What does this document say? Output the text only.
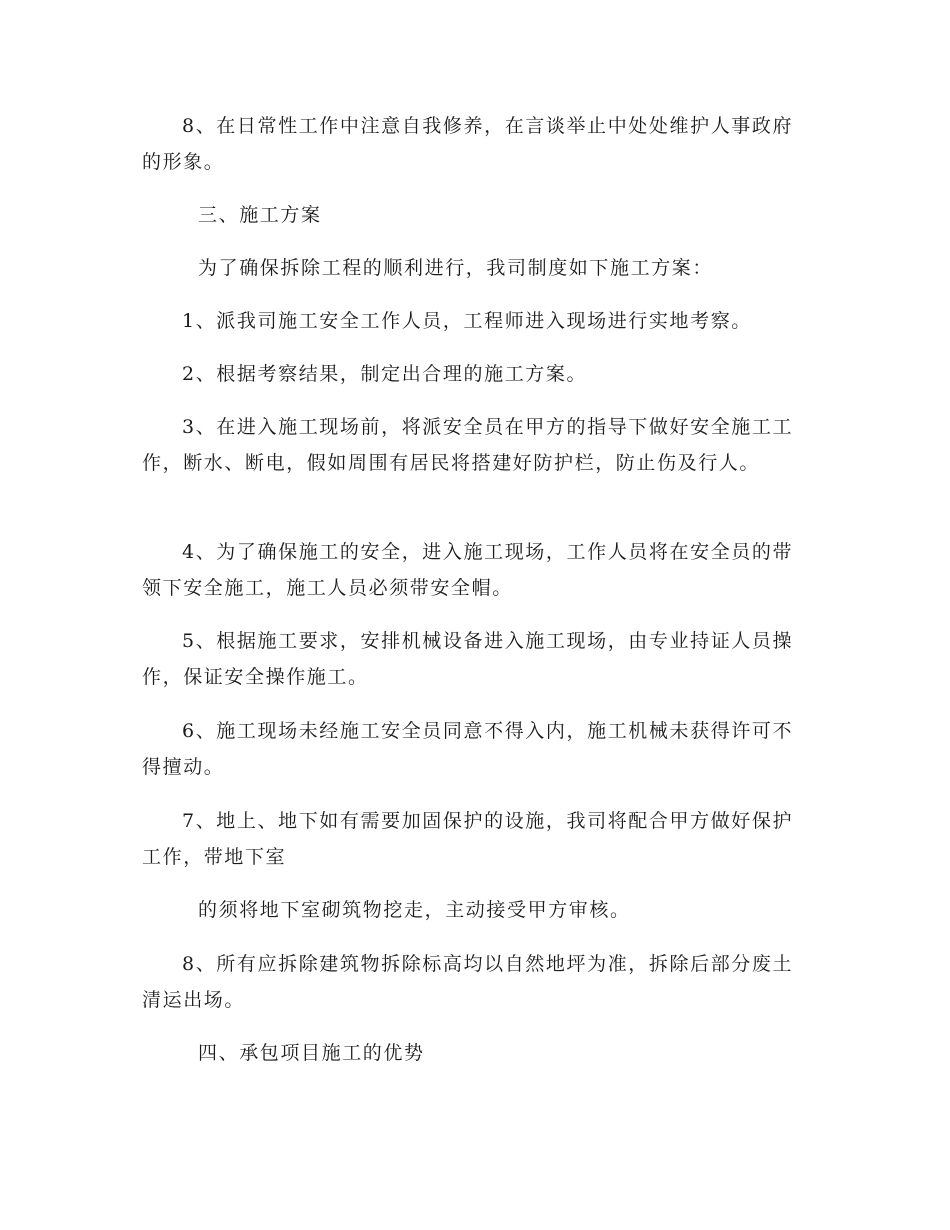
8、在日常性工作中注意自我修养，在言谈举止中处处维护人事政府的形象。

三、施工方案

为了确保拆除工程的顺利进行，我司制度如下施工方案：

1、派我司施工安全工作人员，工程师进入现场进行实地考察。

2、根据考察结果，制定出合理的施工方案。

3、在进入施工现场前，将派安全员在甲方的指导下做好安全施工工作，断水、断电，假如周围有居民将搭建好防护栏，防止伤及行人。

4、为了确保施工的安全，进入施工现场，工作人员将在安全员的带领下安全施工，施工人员必须带安全帽。

5、根据施工要求，安排机械设备进入施工现场，由专业持证人员操作，保证安全操作施工。

6、施工现场未经施工安全员同意不得入内，施工机械未获得许可不得擅动。

7、地上、地下如有需要加固保护的设施，我司将配合甲方做好保护工作，带地下室

的须将地下室砌筑物挖走，主动接受甲方审核。

8、所有应拆除建筑物拆除标高均以自然地坪为准，拆除后部分废土清运出场。

四、承包项目施工的优势
